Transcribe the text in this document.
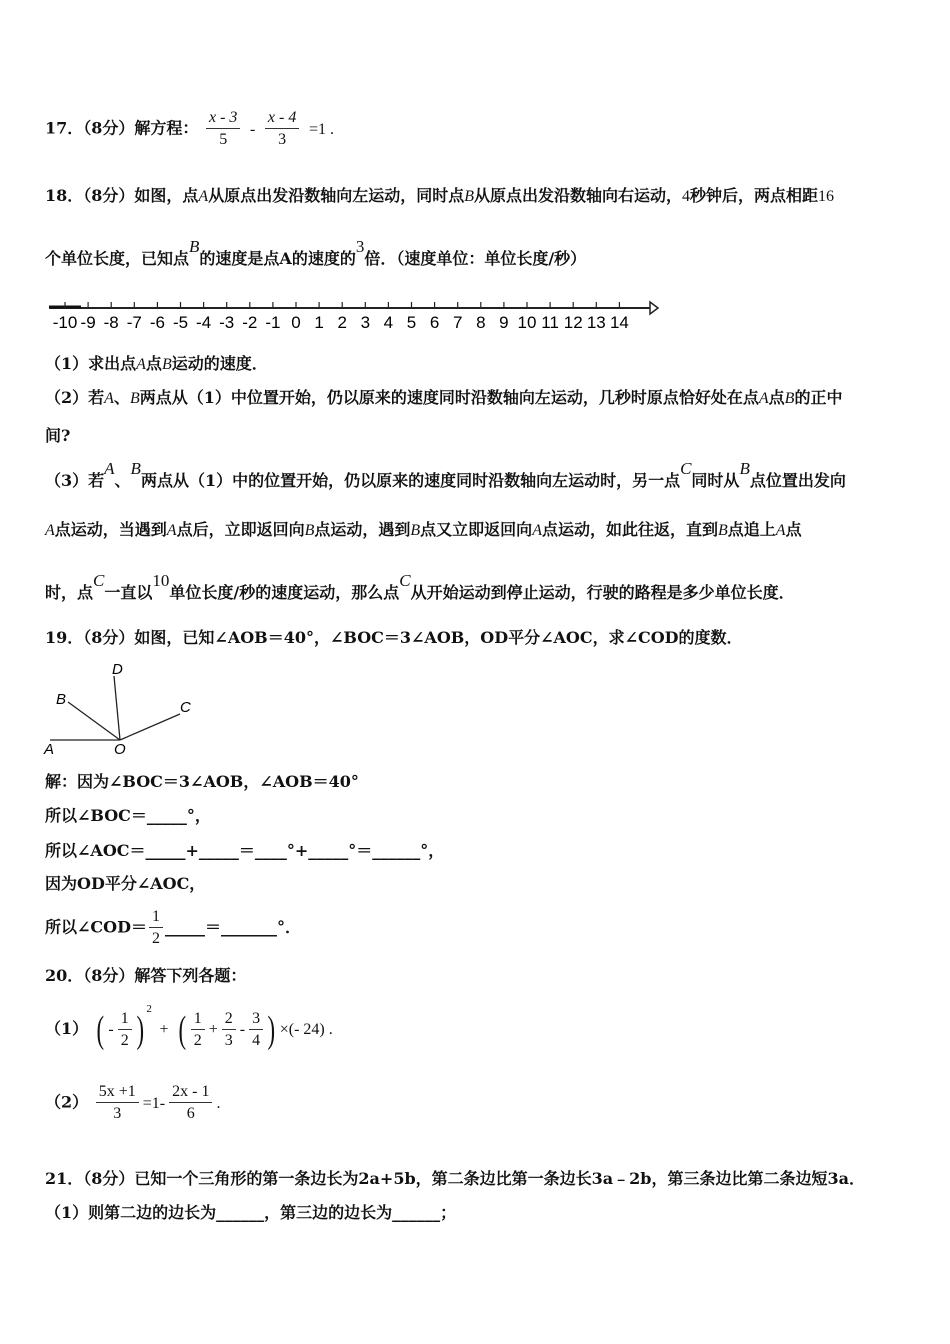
17．（8分）解方程： $\frac{x - 3}{5} - \frac{x - 4}{3} =1$ .
18．（8分）如图，点A从原点出发沿数轴向左运动，同时点B从原点出发沿数轴向右运动，4秒钟后，两点相距16
个单位长度，已知点B的速度是点A的速度的3倍．（速度单位：单位长度/秒）
-10 -9 -8 -7 -6 -5 -4 -3 -2 -1 0 1 2 3 4 5 6 7 8 9 10 11 12 13 14
（1）求出点A点B运动的速度．
（2）若A、B两点从（1）中位置开始，仍以原来的速度同时沿数轴向左运动，几秒时原点恰好处在点A点B的正中
间?
（3）若A、B两点从（1）中的位置开始，仍以原来的速度同时沿数轴向左运动时，另一点C同时从B点位置出发向
A点运动，当遇到A点后，立即返回向B点运动，遇到B点又立即返回向A点运动，如此往返，直到B点追上A点
时，点C一直以10单位长度/秒的速度运动，那么点C从开始运动到停止运动，行驶的路程是多少单位长度．
19．（8分）如图，已知∠AOB＝40°，∠BOC＝3∠AOB，OD平分∠AOC，求∠COD的度数．
A
B
D
C
O
解：因为∠BOC＝3∠AOB，∠AOB＝40°
所以∠BOC＝_____°，
所以∠AOC＝_____+_____＝____°+_____°＝______°，
因为OD平分∠AOC，
所以∠COD＝ $\frac{1}{2}$ _____＝_______°．
20．（8分）解答下列各题：
（1） ( - $\frac{1}{2}$ ) $^2$ + ( $\frac{1}{2} + \frac{2}{3} - \frac{3}{4}$ ) ×(- 24) .
$(2) \frac{5x +1}{3} =1- \frac{2x - 1}{6}$ .
21．（8分）已知一个三角形的第一条边长为2a+5b，第二条边比第一条边长3a﹣2b，第三条边比第二条边短3a．
（1）则第二边的边长为______，第三边的边长为______；
